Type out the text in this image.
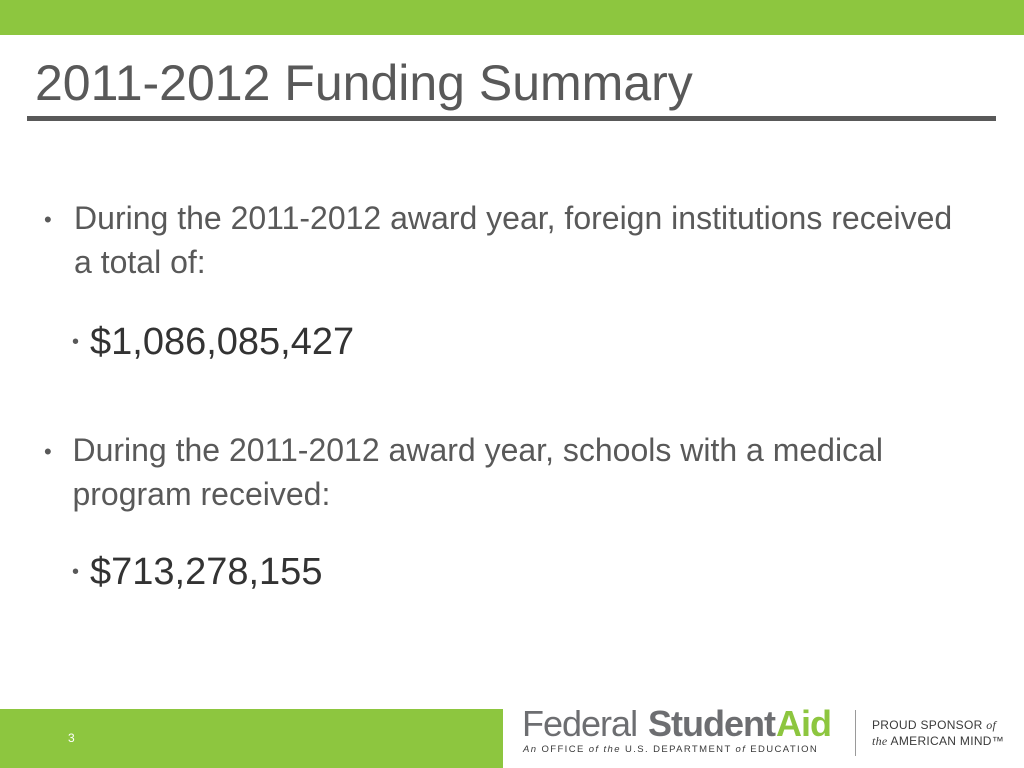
2011-2012 Funding Summary
• During the 2011-2012 award year, foreign institutions received a total of:
• $1,086,085,427
• During the 2011-2012 award year, schools with a medical program received:
• $713,278,155
3	Federal Student Aid
An OFFICE of the U.S. DEPARTMENT of EDUCATION
PROUD SPONSOR of
the AMERICAN MIND™
